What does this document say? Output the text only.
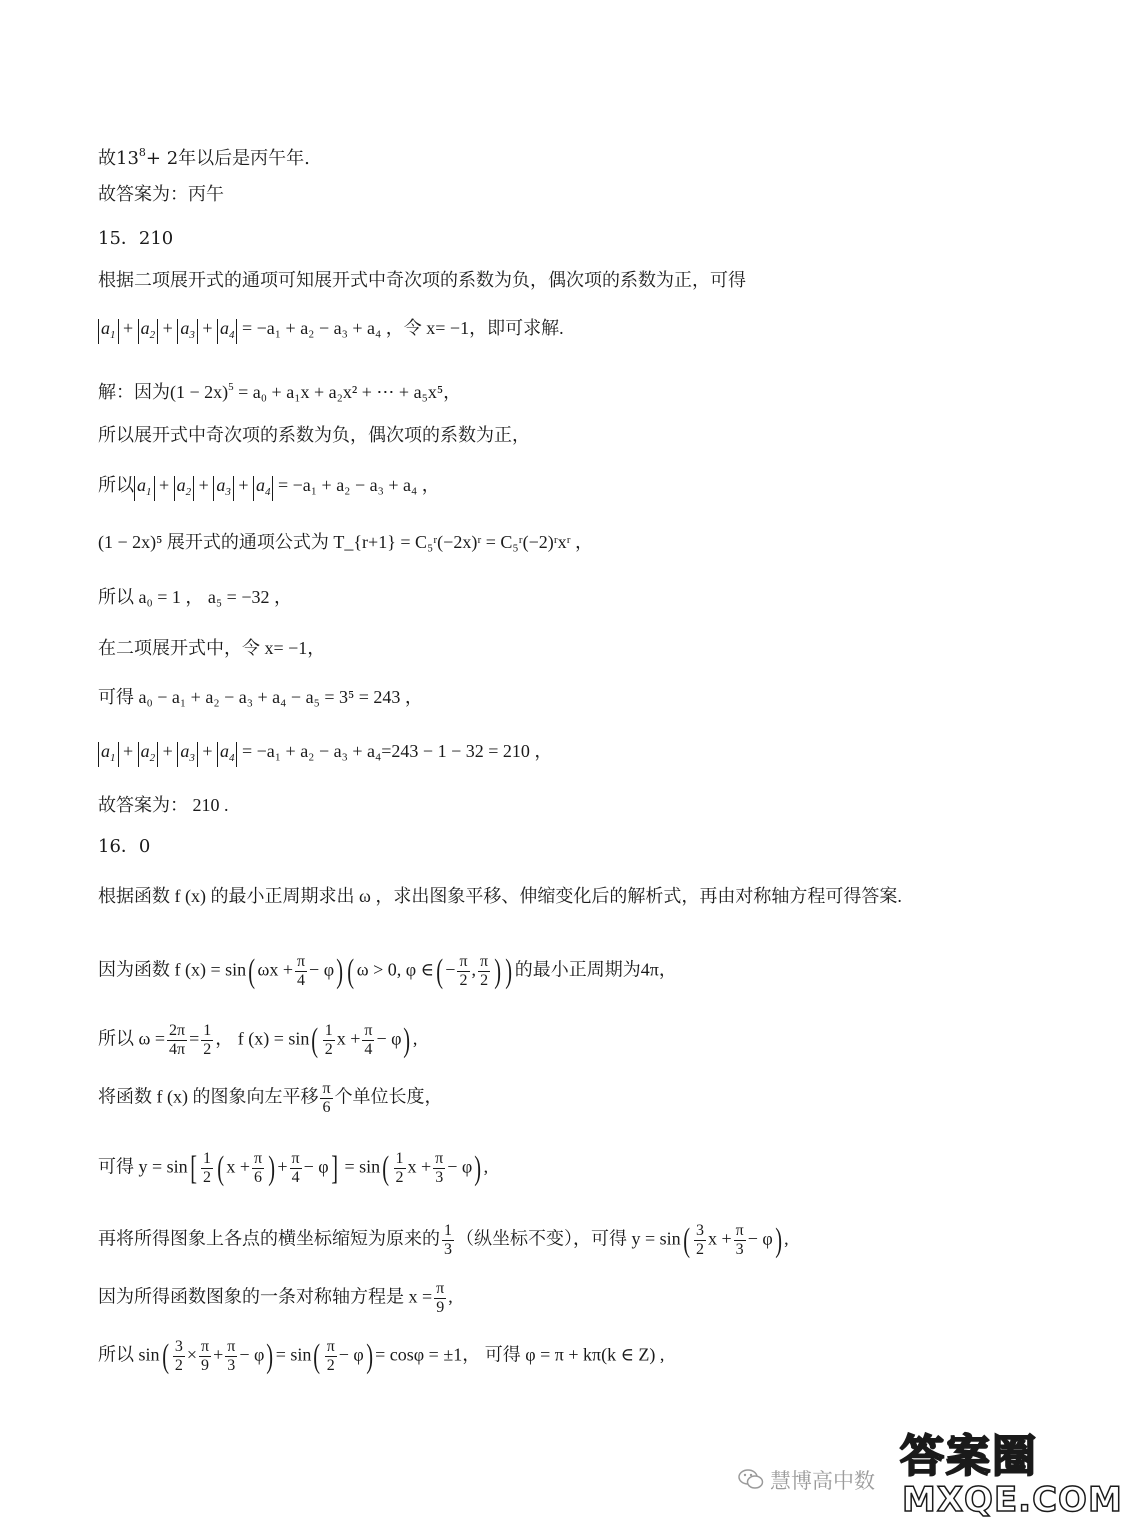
故$13^8+ 2$年以后是丙午年.
故答案为：丙午
15．210
根据二项展开式的通项可知展开式中奇次项的系数为负，偶次项的系数为正，可得
$a_1 + a_2 + a_3 + a_4 = -a_1 + a_2 - a_3 + a_4$ ，令 x= −1，即可求解.
解：因为$(1 - 2x)^5 = a_0 + a_1x + a_2x^2$ + ⋯ + a₅x⁵，
所以展开式中奇次项的系数为负，偶次项的系数为正，
所以 $a_1 + a_2 + a_3 + a_4 = -a_1 + a_2 - a_3 + a_4$ ，
(1 − 2x)⁵ 展开式的通项公式为 T_{r+1} = C₅ʳ(−2x)ʳ = C₅ʳ(−2)ʳxʳ ，
所以 a₀ = 1 ， a₅ = −32 ，
在二项展开式中，令 x= −1，
可得 a₀ − a₁ + a₂ − a₃ + a₄ − a₅ = 3⁵ = 243 ，
$a_1 + a_2 + a_3 + a_4 = -a_1 + a_2 - a_3 + a_4=243 - 1 - 32 = 210$ ，
故答案为： 210 .
16．0
根据函数 f (x) 的最小正周期求出 ω ，求出图象平移、伸缩变化后的解析式，再由对称轴方程可得答案.
因为函数 f (x) = sin( $\omega x + \frac{\pi}{4} - \varphi$) ( ω > 0, φ ∈( − $\frac{\pi}{2}$ , $\frac{\pi}{2}$ ) ) 的最小正周期为4π，
所以 $\omega = \frac{2\pi}{4\pi} = \frac{1}{2}$ ， f $(x) = \sin( \frac{1}{2}$ $x + \frac{\pi}{4} - \varphi$) ,
将函数 f (x) 的图象向左平移 $\frac{\pi}{6}$ 个单位长度，
可得 $y = \sin[ \frac{1}{2}$ ( $x + \frac{\pi}{6}$ ) + $\frac{\pi}{4} - \varphi] = \sin( \frac{1}{2}$ $x + \frac{\pi}{3} - \varphi$) ,
再将所得图象上各点的横坐标缩短为原来的 $\frac{1}{3}$ （纵坐标不变），可得 $y = \sin( \frac{3}{2}$ $x + \frac{\pi}{3} - \varphi$) ,
因为所得函数图象的一条对称轴方程是 $x = \frac{\pi}{9}$ ,
所以 $\sin( \frac{3}{2} \times \frac{\pi}{9} + \frac{\pi}{3} - \varphi) = \sin( \frac{\pi}{2} - \varphi) = \cos\varphi = \pm 1$， 可得 φ = π + kπ(k ∈ Z) ,
慧博高中数 答案圈
MXQE.COM
